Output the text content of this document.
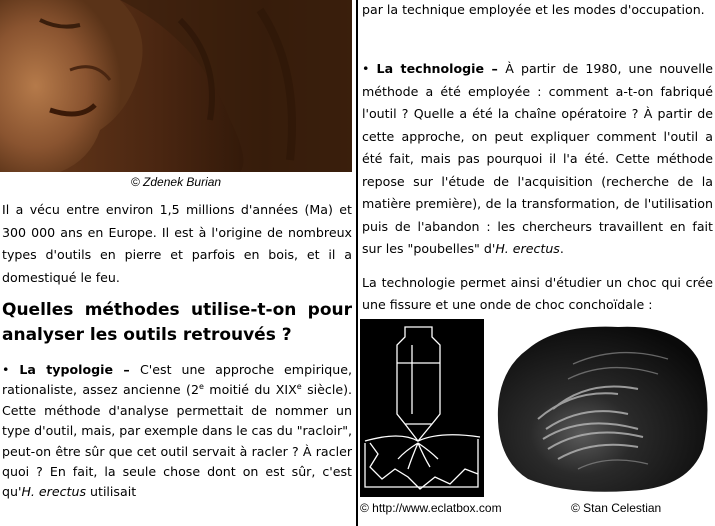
© Zdenek Burian

Il a vécu entre environ 1,5 millions d'années (Ma) et 300 000 ans en Europe. Il est à l'origine de nombreux types d'outils en pierre et parfois en bois, et il a domestiqué le feu.

Quelles méthodes utilise-t-on pour
analyser les outils retrouvés ?
• La typologie – C'est une approche empirique, rationaliste, assez ancienne (2e moitié du XIXe siècle). Cette méthode d'analyse permettait de nommer un type d'outil, mais, par exemple dans le cas du "racloir", peut-on être sûr que cet outil servait à racler ? À racler quoi ? En fait, la seule chose dont on est sûr, c'est qu'H. erectus utilisait
par la technique employée et les modes d'occupation.
• La technologie – À partir de 1980, une nouvelle méthode a été employée : comment a-t-on fabriqué l'outil ? Quelle a été la chaîne opératoire ? À partir de cette approche, on peut expliquer comment l'outil a été fait, mais pas pourquoi il l'a été. Cette méthode repose sur l'étude de l'acquisition (recherche de la matière première), de la transformation, de l'utilisation puis de l'abandon : les chercheurs travaillent en fait sur les "poubelles" d'H. erectus.
La technologie permet ainsi d'étudier un choc qui crée une fissure et une onde de choc conchoïdale :
© http://www.eclatbox.com	© Stan Celestian
